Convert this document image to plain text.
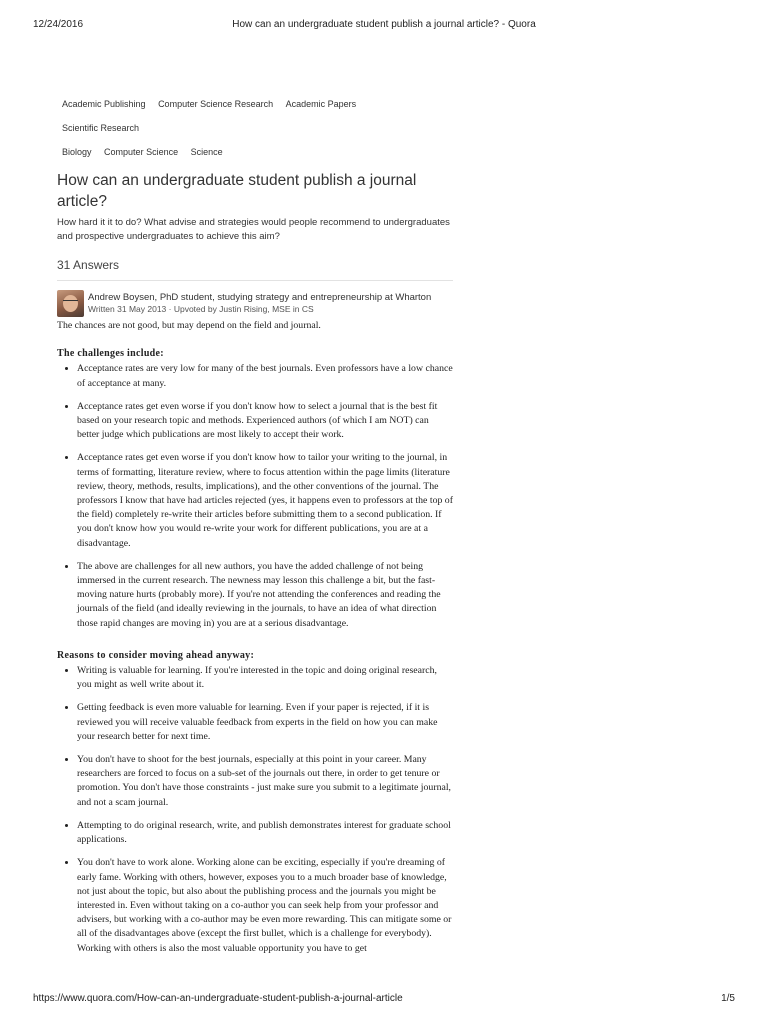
12/24/2016	How can an undergraduate student publish a journal article? - Quora
Academic Publishing Computer Science Research Academic Papers Scientific Research
Biology Computer Science Science
How can an undergraduate student publish a journal article?
How hard it it to do? What advise and strategies would people recommend to undergraduates and prospective undergraduates to achieve this aim?
31 Answers
Andrew Boysen, PhD student, studying strategy and entrepreneurship at Wharton
Written 31 May 2013 · Upvoted by Justin Rising, MSE in CS

The chances are not good, but may depend on the field and journal.

The challenges include:
• Acceptance rates are very low for many of the best journals. Even professors have a low chance of acceptance at many.
• Acceptance rates get even worse if you don't know how to select a journal that is the best fit based on your research topic and methods. Experienced authors (of which I am NOT) can better judge which publications are most likely to accept their work.
• Acceptance rates get even worse if you don't know how to tailor your writing to the journal, in terms of formatting, literature review, where to focus attention within the page limits (literature review, theory, methods, results, implications), and the other conventions of the journal. The professors I know that have had articles rejected (yes, it happens even to professors at the top of the field) completely re-write their articles before submitting them to a second publication. If you don't know how you would re-write your work for different publications, you are at a disadvantage.
• The above are challenges for all new authors, you have the added challenge of not being immersed in the current research. The newness may lesson this challenge a bit, but the fast-moving nature hurts (probably more). If you're not attending the conferences and reading the journals of the field (and ideally reviewing in the journals, to have an idea of what direction those rapid changes are moving in) you are at a serious disadvantage.
Reasons to consider moving ahead anyway:
• Writing is valuable for learning. If you're interested in the topic and doing original research, you might as well write about it.
• Getting feedback is even more valuable for learning. Even if your paper is rejected, if it is reviewed you will receive valuable feedback from experts in the field on how you can make your research better for next time.
• You don't have to shoot for the best journals, especially at this point in your career. Many researchers are forced to focus on a sub-set of the journals out there, in order to get tenure or promotion. You don't have those constraints - just make sure you submit to a legitimate journal, and not a scam journal.
• Attempting to do original research, write, and publish demonstrates interest for graduate school applications.
• You don't have to work alone. Working alone can be exciting, especially if you're dreaming of early fame. Working with others, however, exposes you to a much broader base of knowledge, not just about the topic, but also about the publishing process and the journals you might be interested in. Even without taking on a co-author you can seek help from your professor and advisers, but working with a co-author may be even more rewarding. This can mitigate some or all of the disadvantages above (except the first bullet, which is a challenge for everybody). Working with others is also the most valuable opportunity you have to get
https://www.quora.com/How-can-an-undergraduate-student-publish-a-journal-article	1/5
